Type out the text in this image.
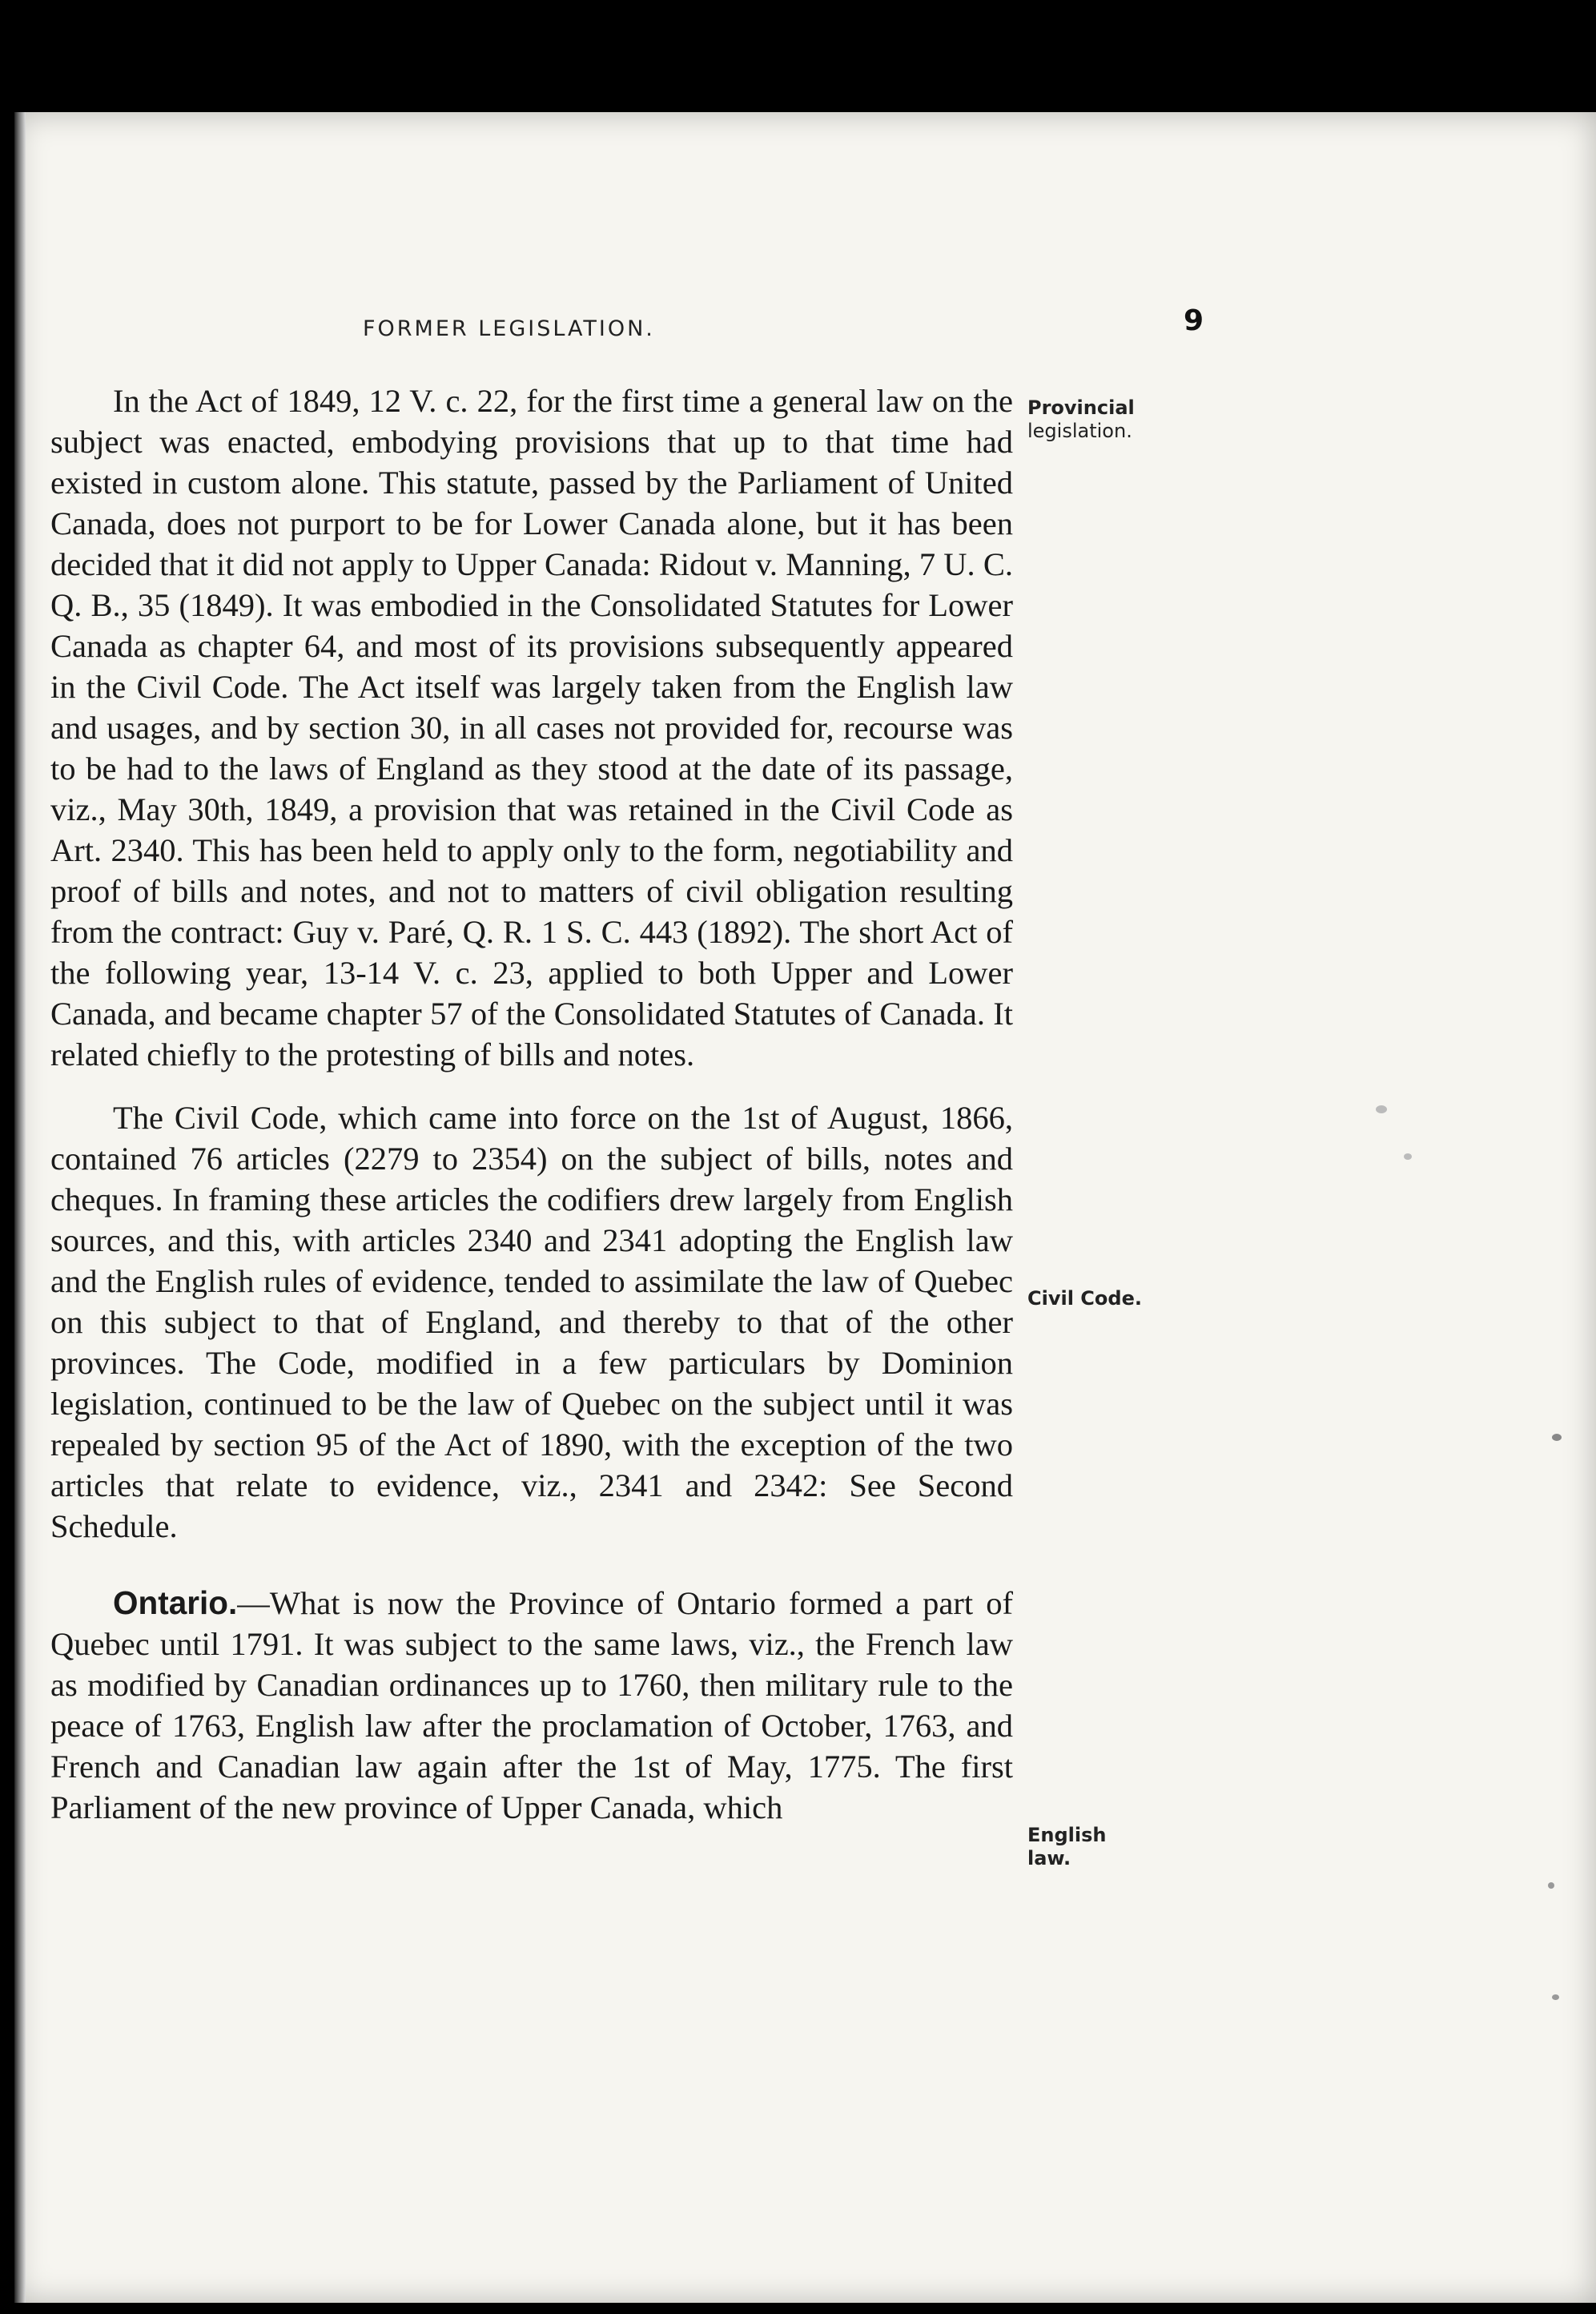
FORMER LEGISLATION.	9

In the Act of 1849, 12 V. c. 22, for the first time a general law on the subject was enacted, embodying provisions that up to that time had existed in custom alone. This statute, passed by the Parliament of United Canada, does not purport to be for Lower Canada alone, but it has been decided that it did not apply to Upper Canada: Ridout v. Manning, 7 U. C. Q. B., 35 (1849). It was embodied in the Consolidated Statutes for Lower Canada as chapter 64, and most of its provisions subsequently appeared in the Civil Code. The Act itself was largely taken from the English law and usages, and by section 30, in all cases not provided for, recourse was to be had to the laws of England as they stood at the date of its passage, viz., May 30th, 1849, a provision that was retained in the Civil Code as Art. 2340. This has been held to apply only to the form, negotiability and proof of bills and notes, and not to matters of civil obligation resulting from the contract: Guy v. Paré, Q. R. 1 S. C. 443 (1892). The short Act of the following year, 13-14 V. c. 23, applied to both Upper and Lower Canada, and became chapter 57 of the Consolidated Statutes of Canada. It related chiefly to the protesting of bills and notes.

The Civil Code, which came into force on the 1st of August, 1866, contained 76 articles (2279 to 2354) on the subject of bills, notes and cheques. In framing these articles the codifiers drew largely from English sources, and this, with articles 2340 and 2341 adopting the English law and the English rules of evidence, tended to assimilate the law of Quebec on this subject to that of England, and thereby to that of the other provinces. The Code, modified in a few particulars by Dominion legislation, continued to be the law of Quebec on the subject until it was repealed by section 95 of the Act of 1890, with the exception of the two articles that relate to evidence, viz., 2341 and 2342: See Second Schedule.

Ontario.—What is now the Province of Ontario formed a part of Quebec until 1791. It was subject to the same laws, viz., the French law as modified by Canadian ordinances up to 1760, then military rule to the peace of 1763, English law after the proclamation of October, 1763, and French and Canadian law again after the 1st of May, 1775. The first Parliament of the new province of Upper Canada, which

Provincial
legislation.
Civil Code.
English
law.
